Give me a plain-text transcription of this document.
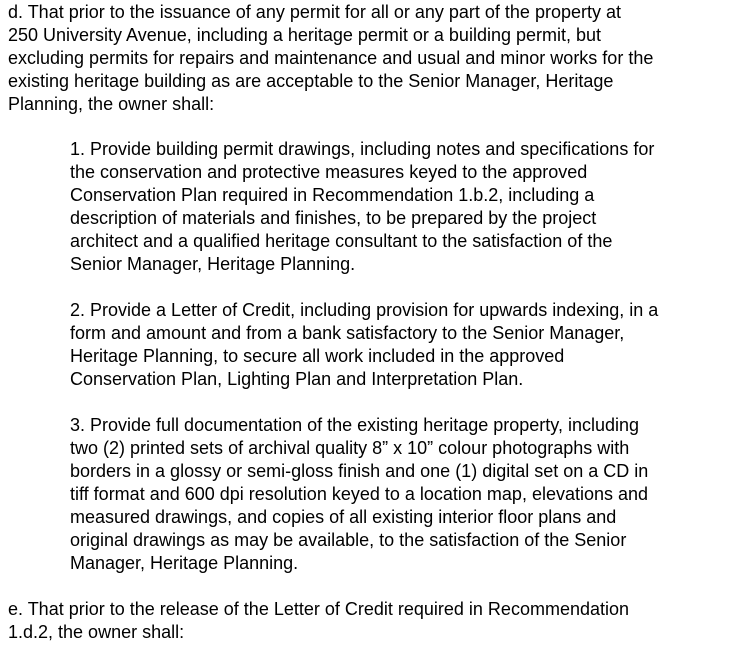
d. That prior to the issuance of any permit for all or any part of the property at
250 University Avenue, including a heritage permit or a building permit, but
excluding permits for repairs and maintenance and usual and minor works for the
existing heritage building as are acceptable to the Senior Manager, Heritage
Planning, the owner shall:

1. Provide building permit drawings, including notes and specifications for
the conservation and protective measures keyed to the approved
Conservation Plan required in Recommendation 1.b.2, including a
description of materials and finishes, to be prepared by the project
architect and a qualified heritage consultant to the satisfaction of the
Senior Manager, Heritage Planning.

2. Provide a Letter of Credit, including provision for upwards indexing, in a
form and amount and from a bank satisfactory to the Senior Manager,
Heritage Planning, to secure all work included in the approved
Conservation Plan, Lighting Plan and Interpretation Plan.

3. Provide full documentation of the existing heritage property, including
two (2) printed sets of archival quality 8” x 10” colour photographs with
borders in a glossy or semi-gloss finish and one (1) digital set on a CD in
tiff format and 600 dpi resolution keyed to a location map, elevations and
measured drawings, and copies of all existing interior floor plans and
original drawings as may be available, to the satisfaction of the Senior
Manager, Heritage Planning.

e. That prior to the release of the Letter of Credit required in Recommendation
1.d.2, the owner shall:
